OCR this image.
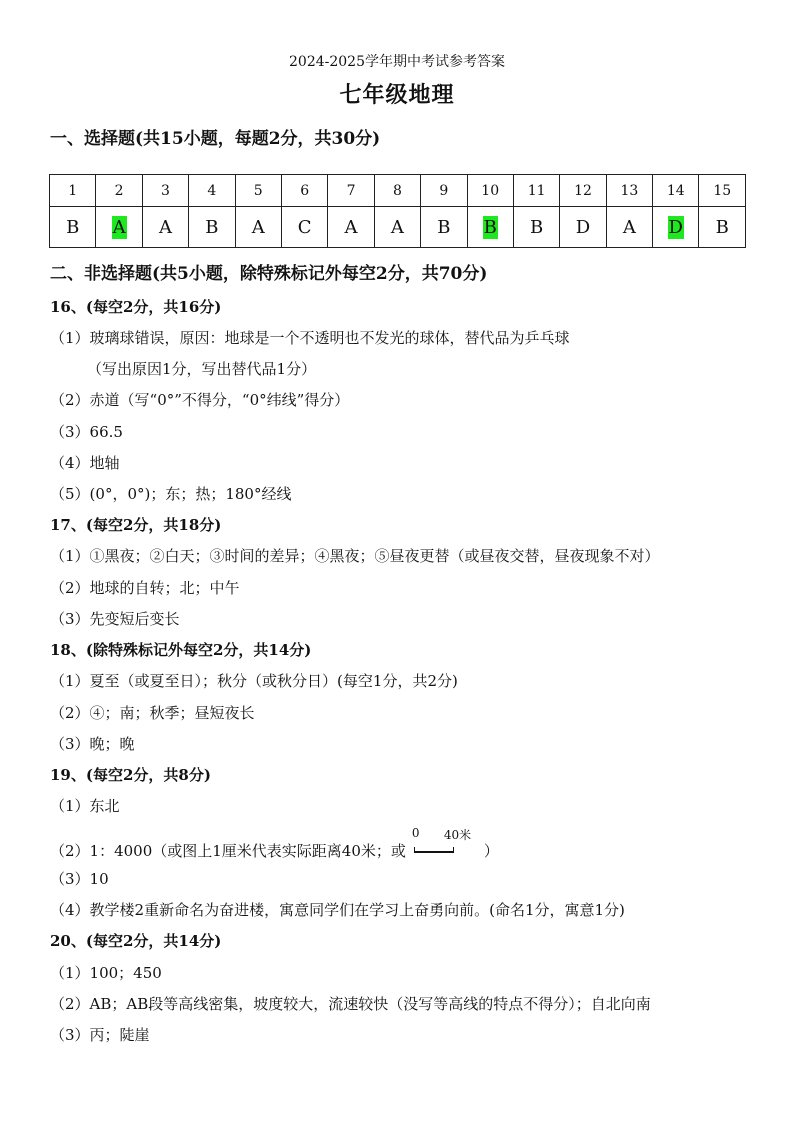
2024-2025学年期中考试参考答案
七年级地理
一、选择题(共15小题，每题2分，共30分)
1	2	3	4	5	6	7	8	9	10	11	12	13	14	15
B	A	A	B	A	C	A	A	B	B	B	D	A	D	B
二、非选择题(共5小题，除特殊标记外每空2分，共70分)
16、(每空2分，共16分)
（1）玻璃球错误，原因：地球是一个不透明也不发光的球体，替代品为乒乓球
（写出原因1分，写出替代品1分）
（2）赤道（写“0°”不得分，“0°纬线”得分）
（3）66.5
（4）地轴
（5）(0°，0°)；东；热；180°经线
17、(每空2分，共18分)
（1）①黑夜；②白天；③时间的差异；④黑夜；⑤昼夜更替（或昼夜交替，昼夜现象不对）
（2）地球的自转；北；中午
（3）先变短后变长
18、(除特殊标记外每空2分，共14分)
（1）夏至（或夏至日）；秋分（或秋分日）(每空1分，共2分)
（2）④；南；秋季；昼短夜长
（3）晚；晚
19、(每空2分，共8分)
（1）东北
（2）1：4000（或图上1厘米代表实际距离40米；或
0 40米
）
（3）10
（4）教学楼2重新命名为奋进楼，寓意同学们在学习上奋勇向前。(命名1分，寓意1分)
20、(每空2分，共14分)
（1）100；450
（2）AB；AB段等高线密集，坡度较大，流速较快（没写等高线的特点不得分）；自北向南
（3）丙；陡崖
